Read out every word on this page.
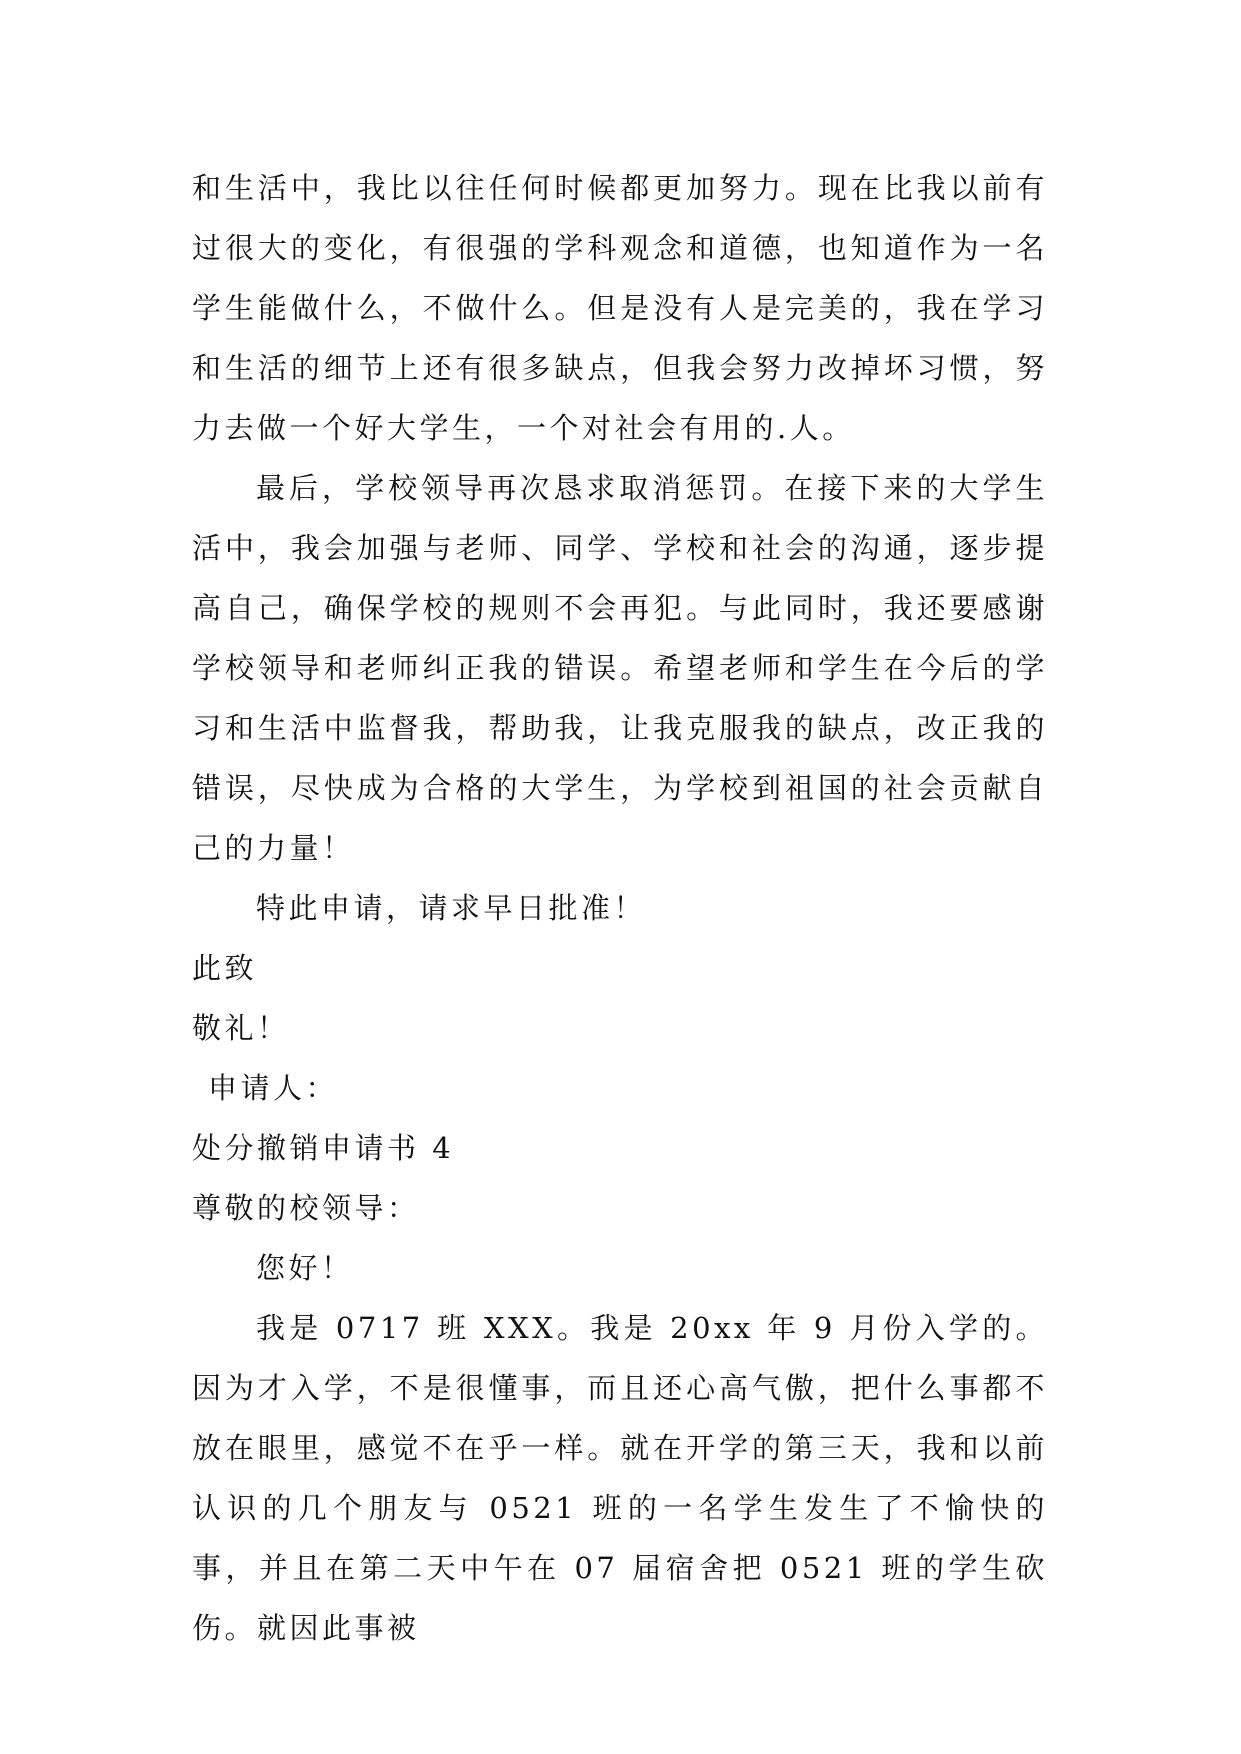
和生活中，我比以往任何时候都更加努力。现在比我以前有过很大的变化，有很强的学科观念和道德，也知道作为一名学生能做什么，不做什么。但是没有人是完美的，我在学习和生活的细节上还有很多缺点，但我会努力改掉坏习惯，努力去做一个好大学生，一个对社会有用的.人。

最后，学校领导再次恳求取消惩罚。在接下来的大学生活中，我会加强与老师、同学、学校和社会的沟通，逐步提高自己，确保学校的规则不会再犯。与此同时，我还要感谢学校领导和老师纠正我的错误。希望老师和学生在今后的学习和生活中监督我，帮助我，让我克服我的缺点，改正我的错误，尽快成为合格的大学生，为学校到祖国的社会贡献自己的力量！

特此申请，请求早日批准！

此致

敬礼！

申请人：

处分撤销申请书 4

尊敬的校领导：

您好！

我是 0717 班 XXX。我是 20xx 年 9 月份入学的。因为才入学，不是很懂事，而且还心高气傲，把什么事都不放在眼里，感觉不在乎一样。就在开学的第三天，我和以前认识的几个朋友与 0521 班的一名学生发生了不愉快的事，并且在第二天中午在 07 届宿舍把 0521 班的学生砍伤。就因此事被
